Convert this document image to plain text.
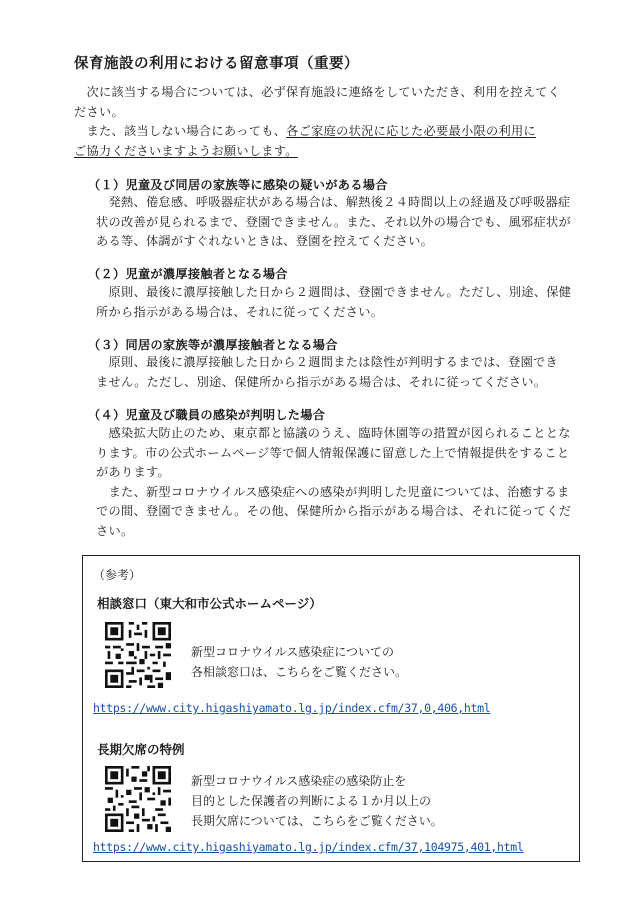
保育施設の利用における留意事項（重要）
　次に該当する場合については、必ず保育施設に連絡をしていただき、利用を控えてく
ださい。
　また、該当しない場合にあっても、各ご家庭の状況に応じた必要最小限の利用に
ご協力くださいますようお願いします。
（１）児童及び同居の家族等に感染の疑いがある場合
　発熱、倦怠感、呼吸器症状がある場合は、解熱後２４時間以上の経過及び呼吸器症
状の改善が見られるまで、登園できません。また、それ以外の場合でも、風邪症状が
ある等、体調がすぐれないときは、登園を控えてください。
（２）児童が濃厚接触者となる場合
　原則、最後に濃厚接触した日から２週間は、登園できません。ただし、別途、保健
所から指示がある場合は、それに従ってください。
（３）同居の家族等が濃厚接触者となる場合
　原則、最後に濃厚接触した日から２週間または陰性が判明するまでは、登園でき
ません。ただし、別途、保健所から指示がある場合は、それに従ってください。
（４）児童及び職員の感染が判明した場合
　感染拡大防止のため、東京都と協議のうえ、臨時休園等の措置が図られることとな
ります。市の公式ホームページ等で個人情報保護に留意した上で情報提供をすること
があります。
　また、新型コロナウイルス感染症への感染が判明した児童については、治癒するま
での間、登園できません。その他、保健所から指示がある場合は、それに従ってくだ
さい。
（参考）
相談窓口（東大和市公式ホームページ）
新型コロナウイルス感染症についての
各相談窓口は、こちらをご覧ください。
https://www.city.higashiyamato.lg.jp/index.cfm/37,0,406,html
長期欠席の特例
新型コロナウイルス感染症の感染防止を
目的とした保護者の判断による１か月以上の
長期欠席については、こちらをご覧ください。
https://www.city.higashiyamato.lg.jp/index.cfm/37,104975,401,html
